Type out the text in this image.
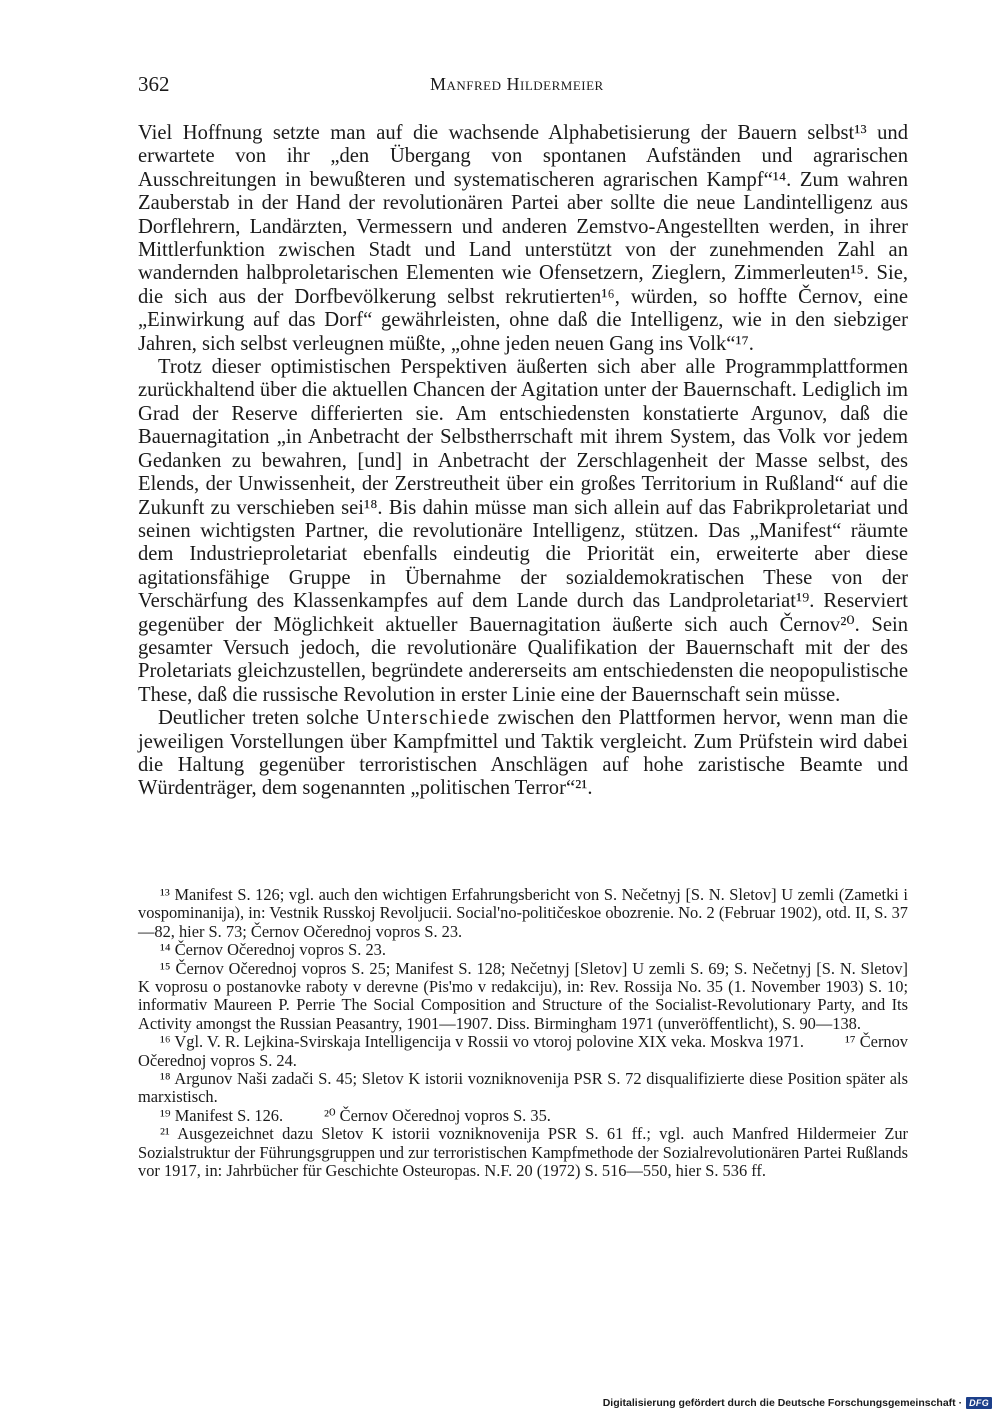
362	Manfred Hildermeier

Viel Hoffnung setzte man auf die wachsende Alphabetisierung der Bauern selbst¹³ und erwartete von ihr „den Übergang von spontanen Aufständen und agrarischen Ausschreitungen in bewußteren und systematischeren agrarischen Kampf“¹⁴. Zum wahren Zauberstab in der Hand der revolutionären Partei aber sollte die neue Landintelligenz aus Dorflehrern, Landärzten, Vermessern und anderen Zemstvo-Angestellten werden, in ihrer Mittlerfunktion zwischen Stadt und Land unterstützt von der zunehmenden Zahl an wandernden halbproletarischen Elementen wie Ofensetzern, Zieglern, Zimmerleuten¹⁵. Sie, die sich aus der Dorfbevölkerung selbst rekrutierten¹⁶, würden, so hoffte Černov, eine „Einwirkung auf das Dorf“ gewährleisten, ohne daß die Intelligenz, wie in den siebziger Jahren, sich selbst verleugnen müßte, „ohne jeden neuen Gang ins Volk“¹⁷.

Trotz dieser optimistischen Perspektiven äußerten sich aber alle Programmplattformen zurückhaltend über die aktuellen Chancen der Agitation unter der Bauernschaft. Lediglich im Grad der Reserve differierten sie. Am entschiedensten konstatierte Argunov, daß die Bauernagitation „in Anbetracht der Selbstherrschaft mit ihrem System, das Volk vor jedem Gedanken zu bewahren, [und] in Anbetracht der Zerschlagenheit der Masse selbst, des Elends, der Unwissenheit, der Zerstreutheit über ein großes Territorium in Rußland“ auf die Zukunft zu verschieben sei¹⁸. Bis dahin müsse man sich allein auf das Fabrikproletariat und seinen wichtigsten Partner, die revolutionäre Intelligenz, stützen. Das „Manifest“ räumte dem Industrieproletariat ebenfalls eindeutig die Priorität ein, erweiterte aber diese agitationsfähige Gruppe in Übernahme der sozialdemokratischen These von der Verschärfung des Klassenkampfes auf dem Lande durch das Landproletariat¹⁹. Reserviert gegenüber der Möglichkeit aktueller Bauernagitation äußerte sich auch Černov²⁰. Sein gesamter Versuch jedoch, die revolutionäre Qualifikation der Bauernschaft mit der des Proletariats gleichzustellen, begründete andererseits am entschiedensten die neopopulistische These, daß die russische Revolution in erster Linie eine der Bauernschaft sein müsse.

Deutlicher treten solche Unterschiede zwischen den Plattformen hervor, wenn man die jeweiligen Vorstellungen über Kampfmittel und Taktik vergleicht. Zum Prüfstein wird dabei die Haltung gegenüber terroristischen Anschlägen auf hohe zaristische Beamte und Würdenträger, dem sogenannten „politischen Terror“²¹.

¹³ Manifest S. 126; vgl. auch den wichtigen Erfahrungsbericht von S. Nečetnyj [S. N. Sletov] U zemli (Zametki i vospominanija), in: Vestnik Russkoj Revoljucii. Social'no-političeskoe obozrenie. No. 2 (Februar 1902), otd. II, S. 37—82, hier S. 73; Černov Očerednoj vopros S. 23.

¹⁴ Černov Očerednoj vopros S. 23.

¹⁵ Černov Očerednoj vopros S. 25; Manifest S. 128; Nečetnyj [Sletov] U zemli S. 69; S. Nečetnyj [S. N. Sletov] K voprosu o postanovke raboty v derevne (Pis'mo v redakciju), in: Rev. Rossija No. 35 (1. November 1903) S. 10; informativ Maureen P. Perrie The Social Composition and Structure of the Socialist-Revolutionary Party, and Its Activity amongst the Russian Peasantry, 1901—1907. Diss. Birmingham 1971 (unveröffentlicht), S. 90—138.

¹⁶ Vgl. V. R. Lejkina-Svirskaja Intelligencija v Rossii vo vtoroj polovine XIX veka. Moskva 1971.          ¹⁷ Černov Očerednoj vopros S. 24.

¹⁸ Argunov Naši zadači S. 45; Sletov K istorii vozniknovenija PSR S. 72 disqualifizierte diese Position später als marxistisch.

¹⁹ Manifest S. 126.          ²⁰ Černov Očerednoj vopros S. 35.

²¹ Ausgezeichnet dazu Sletov K istorii vozniknovenija PSR S. 61 ff.; vgl. auch Manfred Hildermeier Zur Sozialstruktur der Führungsgruppen und zur terroristischen Kampfmethode der Sozialrevolutionären Partei Rußlands vor 1917, in: Jahrbücher für Geschichte Osteuropas. N.F. 20 (1972) S. 516—550, hier S. 536 ff.

Digitalisierung gefördert durch die Deutsche Forschungsgemeinschaft · DFG
